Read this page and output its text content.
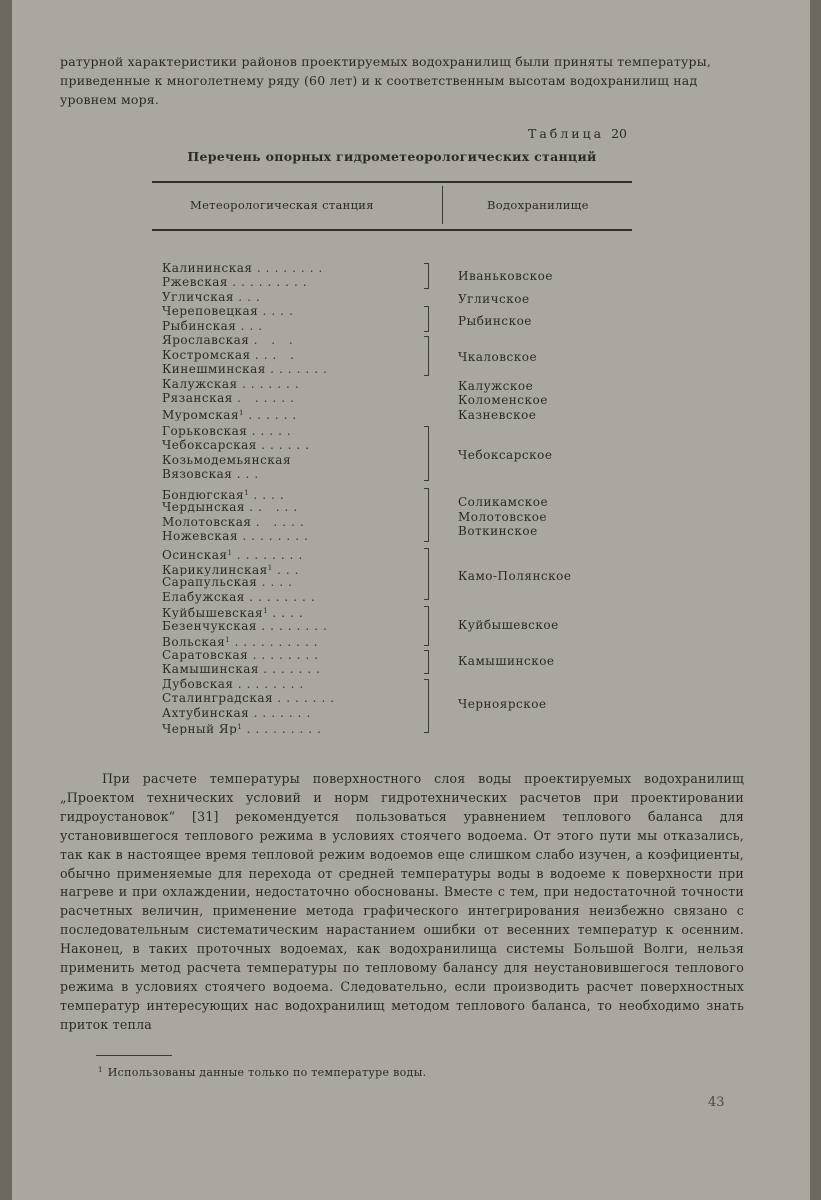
ратурной характеристики районов проектируемых водохранилищ были приняты температуры, приведенные к многолетнему ряду (60 лет) и к соответственным высотам водохранилищ над уровнем моря.

Таблица 20
Перечень опорных гидрометеорологических станций
Метеорологическая станция	Водохранилище
Калининская ........
Ржевская .........
Угличская ...
Череповецкая ....
Рыбинская ...
Ярославская . . .
Костромская ... .
Кинешминская .......
Калужская .......
Рязанская . .....
Муромская$^1$ ......
Горьковская .....
Чебоксарская ......
Козьмодемьянская
Вязовская ...
Бондюгская$^1$ ....
Чердынская .. ...
Молотовская . ....
Ножевская ........
Осинская$^1$ ........
Карикулинская$^1$ ...
Сарапульская ....
Елабужская ........
Куйбышевская$^1$ ....
Безенчукская ........
Вольская$^1$ ..........
Саратовская ........
Камышинская .......
Дубовская ........
Сталинградская .......
Ахтубинская .......
Черный $Яр^1$ .........
Иваньковское
Угличское
Рыбинское
Чкаловское
Калужское
Коломенское
Казневское
Чебоксарское
Соликамское
Молотовское
Воткинское
Камо-Полянское
Куйбышевское
Камышинское
Черноярское

При расчете температуры поверхностного слоя воды проектируемых водохранилищ „Проектом технических условий и норм гидротехнических расчетов при проектировании гидроустановок“ [31] рекомендуется пользоваться уравнением теплового баланса для установившегося теплового режима в условиях стоячего водоема. От этого пути мы отказались, так как в настоящее время тепловой режим водоемов еще слишком слабо изучен, а коэфициенты, обычно применяемые для перехода от средней температуры воды в водоеме к поверхности при нагреве и при охлаждении, недостаточно обоснованы. Вместе с тем, при недостаточной точности расчетных величин, применение метода графического интегрирования неизбежно связано с последовательным систематическим нарастанием ошибки от весенних температур к осенним. Наконец, в таких проточных водоемах, как водохранилища системы Большой Волги, нельзя применить метод расчета температуры по тепловому балансу для неустановившегося теплового режима в условиях стоячего водоема. Следовательно, если производить расчет поверхностных температур интересующих нас водохранилищ методом теплового баланса, то необходимо знать приток тепла

$^1$ Использованы данные только по температуре воды.
43
